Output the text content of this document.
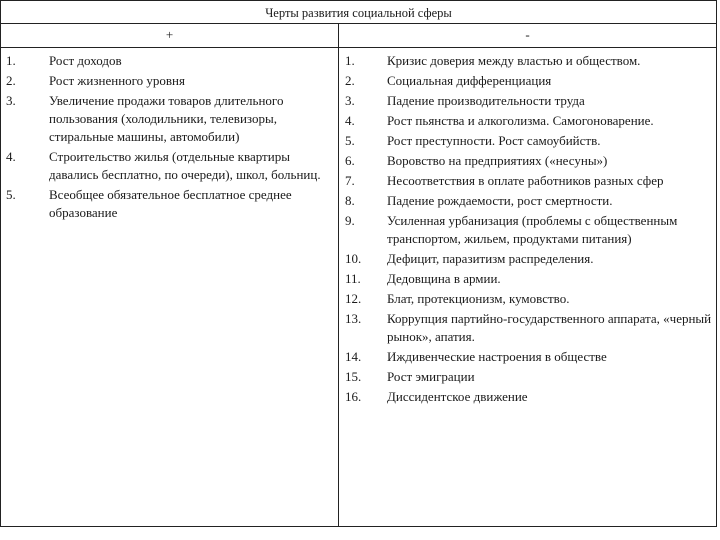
Черты развития социальной сферы
+	-
1.	Рост доходов
2.	Рост жизненного уровня
3.	Увеличение продажи товаров длительного пользования (холодильники, телевизоры, стиральные машины, автомобили)
4.	Строительство жилья (отдельные квартиры давались бесплатно, по очереди), школ, больниц.
5.	Всеобщее обязательное бесплатное среднее образование
1.	Кризис доверия между властью и обществом.
2.	Социальная дифференциация
3.	Падение производительности труда
4.	Рост пьянства и алкоголизма. Самогоноварение.
5.	Рост преступности. Рост самоубийств.
6.	Воровство на предприятиях («несуны»)
7.	Несоответствия в оплате работников разных сфер
8.	Падение рождаемости, рост смертности.
9.	Усиленная урбанизация (проблемы с общественным транспортом, жильем, продуктами питания)
10.	Дефицит, паразитизм распределения.
11.	Дедовщина в армии.
12.	Блат, протекционизм, кумовство.
13.	Коррупция партийно-государственного аппарата, «черный рынок», апатия.
14.	Иждивенческие настроения в обществе
15.	Рост эмиграции
16.	Диссидентское движение
